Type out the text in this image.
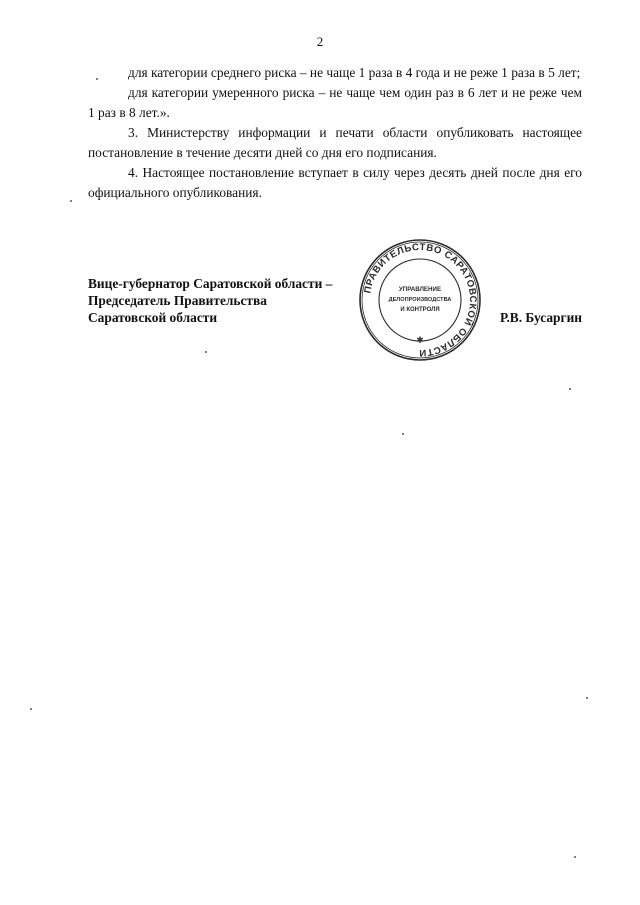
2

для категории среднего риска – не чаще 1 раза в 4 года и не реже 1 раза в 5 лет;

для категории умеренного риска – не чаще чем один раз в 6 лет и не реже чем 1 раз в 8 лет.».

3. Министерству информации и печати области опубликовать настоящее постановление в течение десяти дней со дня его подписания.

4. Настоящее постановление вступает в силу через десять дней после дня его официального опубликования.

Вице-губернатор Саратовской области –
Председатель Правительства
Саратовской области	Р.В. Бусаргин
ПРАВИТЕЛЬСТВО САРАТОВСКОЙ ОБЛАСТИ
УПРАВЛЕНИЕ
ДЕЛОПРОИЗВОДСТВА
И КОНТРОЛЯ
✱
